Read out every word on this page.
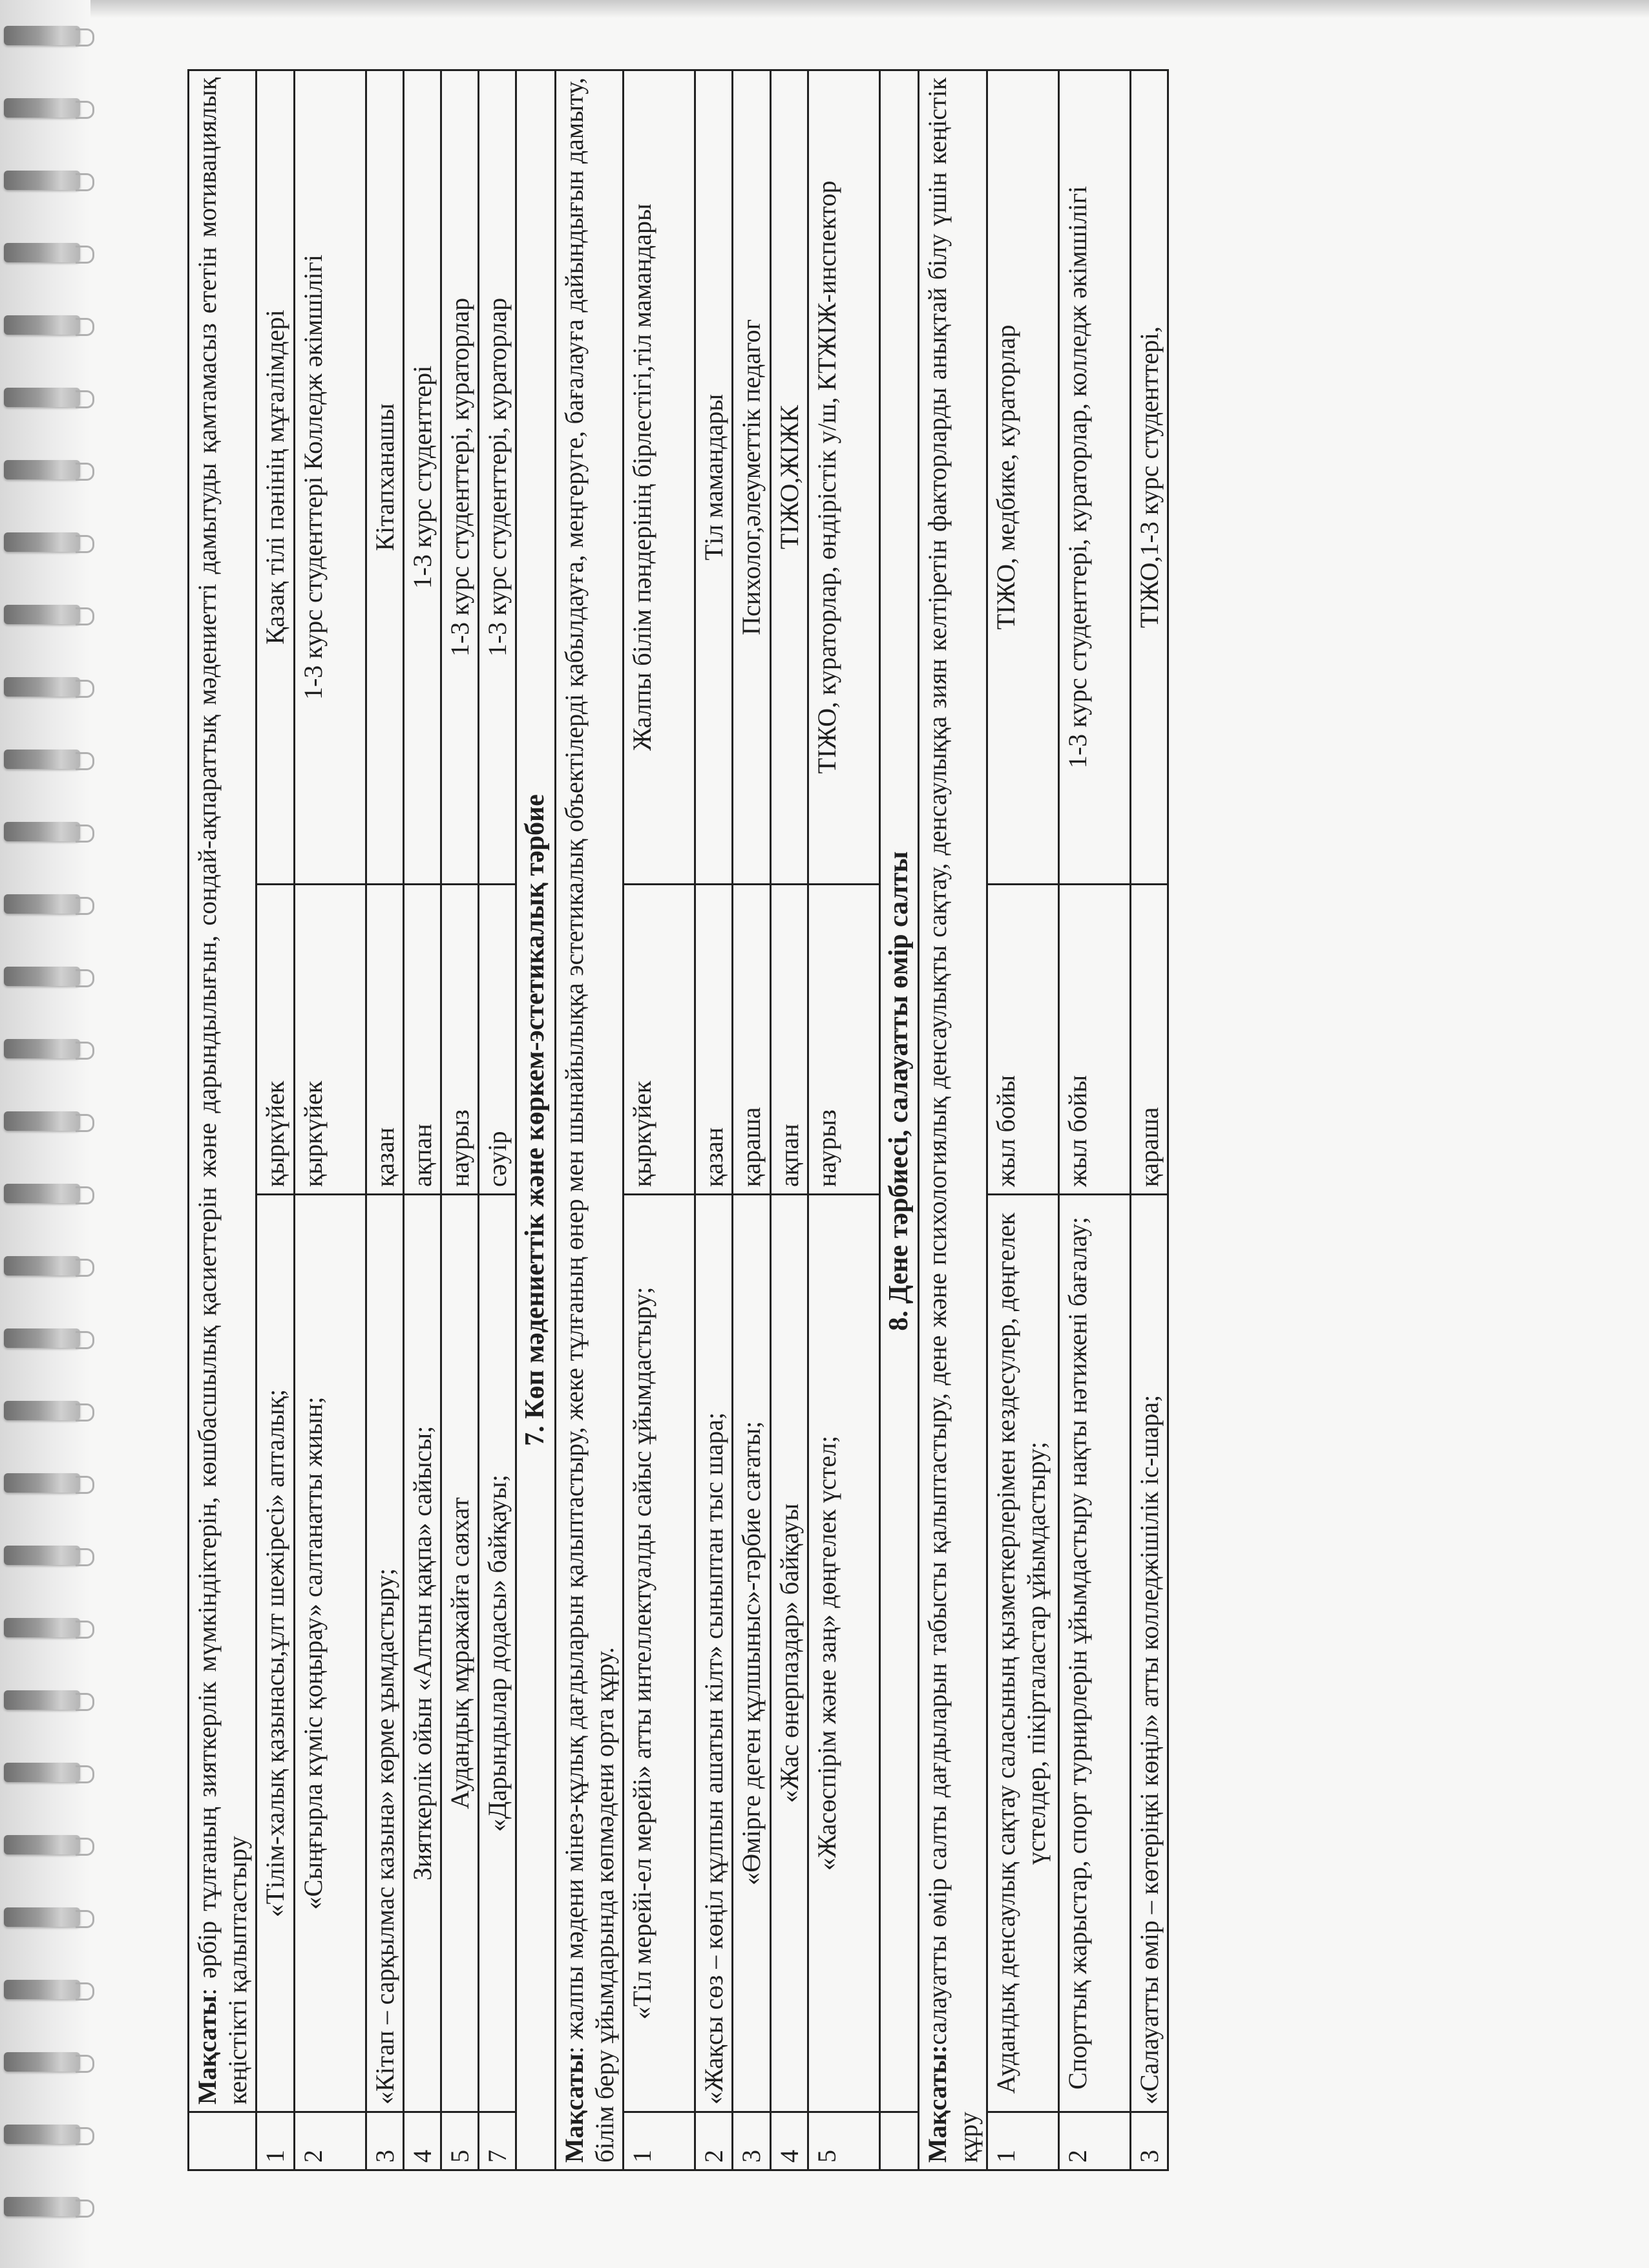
	Мақсаты: әрбір тұлғаның зияткерлік мүмкіндіктерін, көшбасшылық қасиеттерін және дарындылығын, сондай-ақпараттық мәдениетті дамытуды қамтамасыз ететін мотивациялық кеңістікті қалыптастыру		
1	«Тілім-халық қазынасы,ұлт шежіресі» апталық;	қыркүйек	Қазақ тілі пәнінің мұғалімдері
2	«Сыңғырла күміс қоңырау» салтанатты жиын;	қыркүйек	1-3 курс студенттері Колледж әкімшілігі
3	«Кітап – сарқылмас казына» көрме ұымдастыру;	қазан	Кітапханашы
4	Зияткерлік ойын «Алтын қақпа» сайысы;	ақпан	1-3 курс студенттері
5	Аудандық мұражайға саяхат	наурыз	1-3 курс студенттері, кураторлар
7	«Дарындылар додасы» байқауы;	сәуір	1-3 курс студенттері, кураторлар
7. Көп мәдениеттік және көркем-эстетикалық тәрбие			
Мақсаты: жалпы мәдени мінез-құлық дағдыларын қалыптастыру, жеке тұлғаның өнер мен шынайылыққа эстетикалық объектілерді қабылдауға, меңгеруге, бағалауға дайындығын дамыту, білім беру ұйымдарында көпмәдени орта құру.			
1	«Тіл мерейі-ел мерейі» атты интеллектуалды сайыс ұйымдастыру;	қыркүйек	Жалпы білім пәндерінің бірлестігі,тіл мамандары
2	«Жақсы сөз – көңіл құлпын ашатын кілт» сыныптан тыс шара;	қазан	Тіл мамандары
3	«Өміргe деген құлшыныс»-тәрбие сағаты;	қараша	Психолог,әлеуметтік педагог
4	«Жас өнерпаздар» байқауы	ақпан	ТІЖО,ЖІЖК
5	«Жасөспірім және заң» дөңгелек үстел;	наурыз	ТІЖО, кураторлар, өндірістік у/ш, КТЖІЖ-инспектор
	8. Дене тәрбиесі, салауатты өмір салты		
Мақсаты:салауатты өмір салты дағдыларын табысты қалыптастыру, дене және психологиялық денсаулықты сақтау, денсаулыққа зиян келтіретін факторларды анықтай білу үшін кеңістік құру			
1	Аудандық денсаулық сақтау саласының қызметкерлерімен кездесулер, дөңгелек үстелдер, пікірталастар ұйымдастыру;	жыл бойы	ТІЖО, медбике, кураторлар
2	Спорттық жарыстар, спорт турнирлерін ұйымдастыру нақты нәтижені бағалау;	жыл бойы	1-3 курс студенттері, кураторлар, колледж әкімшілігі
3	«Салауатты өмір – көтеріңкі көңіл» атты колледжішілік іс-шара;	қараша	ТІЖО,1-3 курс студенттері,
